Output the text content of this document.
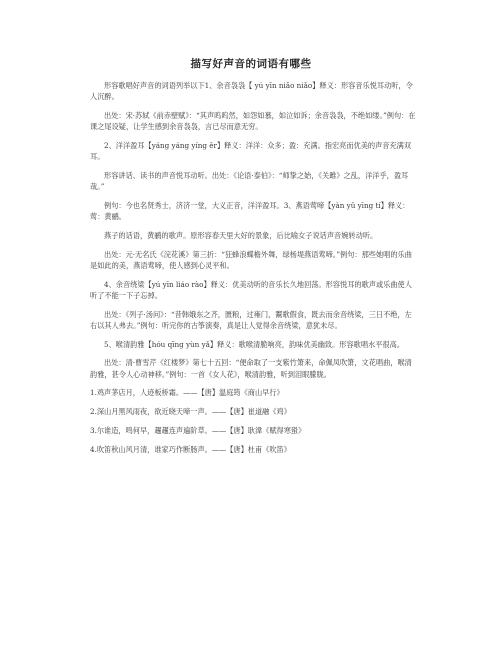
描写好声音的词语有哪些

形容歌唱好声音的词语列举以下1、余音袅袅【 yú yīn niǎo niǎo】释义：形容音乐悦耳动听，令人沉醉。

出处：宋·苏轼《前赤壁赋》：“其声呜呜然，如怨如慕，如泣如诉；余音袅袅，不绝如缕。”例句：在课之尾设疑，让学生感到余音袅袅，言已尽而意无穷。

2、洋洋盈耳【yáng yáng yíng ěr】释义：洋洋：众多；盈：充满。指宏亮而优美的声音充满双耳。

形容讲话、读书的声音悦耳动听。出处：《论语·泰伯》：“师挚之始，《关雎》之乱，洋洋乎，盈耳哉。”

例句：今也名贤秀士，济济一堂，大义正音，洋洋盈耳。3、燕语莺啼【yàn yǔ yīng tí】释义：莺：黄鹂。

燕子的话语，黄鹂的歌声。原形容春天里大好的景象，后比喻女子说话声音婉转动听。

出处：元·无名氏《浣花溪》第三折：“狂蜂浪蝶檐外舞，绿杨堤燕语莺啼。”例句：那些她唱的乐曲是如此的美，燕语莺啼，使人感到心灵平和。

4、余音绕梁【yú yīn liáo rào】释义：优美动听的音乐长久地回荡。形容悦耳的歌声或乐曲使人听了不能一下子忘掉。

出处：《列子·汤问》：“昔韩娥东之齐，匮粮，过雍门，鬻歌假食，既去而余音绕梁，三日不绝，左右以其人弗去。”例句：听完你的古筝演奏，真是让人觉得余音绕梁，意犹未尽。

5、喉清韵雅【hóu qīng yùn yǎ】释义：歌喉清脆响亮，韵味优美幽致。形容歌唱水平很高。

出处：清·曹雪芹《红楼梦》第七十五回：“便命取了一支紫竹箫来，命佩凤吹箫，文花唱曲，喉清韵雅，甚令人心动神移。”例句：一首《女人花》，喉清韵雅，听到泪眼朦胧。

1.鸡声茅店月，人迹板桥霜。——【唐】温庭筠《商山早行》

2.深山月黑风雨夜，欲近晓天啼一声。——【唐】崔道融《鸡》

3.尔谁造，鸣何早，趯趯连声遍阶草。——【唐】耿湋《赋得寒蛩》

4.吹笛秋山风月清，谁家巧作断肠声。——【唐】杜甫《吹笛》
